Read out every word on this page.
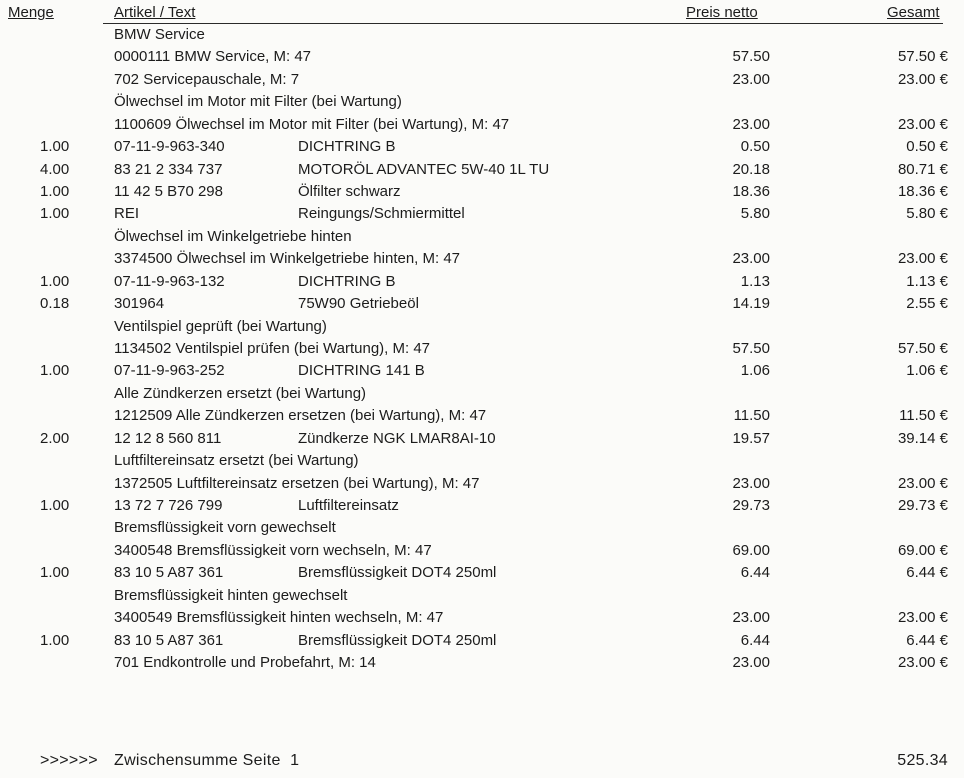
Menge	Artikel / Text	Preis netto	Gesamt
BMW Service
0000111 BMW Service, M: 47	57.50	57.50 €
702 Servicepauschale, M: 7	23.00	23.00 €
Ölwechsel im Motor mit Filter (bei Wartung)
1100609 Ölwechsel im Motor mit Filter (bei Wartung), M: 47	23.00	23.00 €
1.00	07-11-9-963-340	DICHTRING B	0.50	0.50 €
4.00	83 21 2 334 737	MOTORÖL ADVANTEC 5W-40 1L TU	20.18	80.71 €
1.00	11 42 5 B70 298	Ölfilter schwarz	18.36	18.36 €
1.00	REI	Reingungs/Schmiermittel	5.80	5.80 €
Ölwechsel im Winkelgetriebe hinten
3374500 Ölwechsel im Winkelgetriebe hinten, M: 47	23.00	23.00 €
1.00	07-11-9-963-132	DICHTRING B	1.13	1.13 €
0.18	301964	75W90 Getriebeöl	14.19	2.55 €
Ventilspiel geprüft (bei Wartung)
1134502 Ventilspiel prüfen (bei Wartung), M: 47	57.50	57.50 €
1.00	07-11-9-963-252	DICHTRING 141 B	1.06	1.06 €
Alle Zündkerzen ersetzt (bei Wartung)
1212509 Alle Zündkerzen ersetzen (bei Wartung), M: 47	11.50	11.50 €
2.00	12 12 8 560 811	Zündkerze NGK LMAR8AI-10	19.57	39.14 €
Luftfiltereinsatz ersetzt (bei Wartung)
1372505 Luftfiltereinsatz ersetzen (bei Wartung), M: 47	23.00	23.00 €
1.00	13 72 7 726 799	Luftfiltereinsatz	29.73	29.73 €
Bremsflüssigkeit vorn gewechselt
3400548 Bremsflüssigkeit vorn wechseln, M: 47	69.00	69.00 €
1.00	83 10 5 A87 361	Bremsflüssigkeit DOT4 250ml	6.44	6.44 €
Bremsflüssigkeit hinten gewechselt
3400549 Bremsflüssigkeit hinten wechseln, M: 47	23.00	23.00 €
1.00	83 10 5 A87 361	Bremsflüssigkeit DOT4 250ml	6.44	6.44 €
701 Endkontrolle und Probefahrt, M: 14	23.00	23.00 €
>>>>>> Zwischensumme Seite 1	525.34
